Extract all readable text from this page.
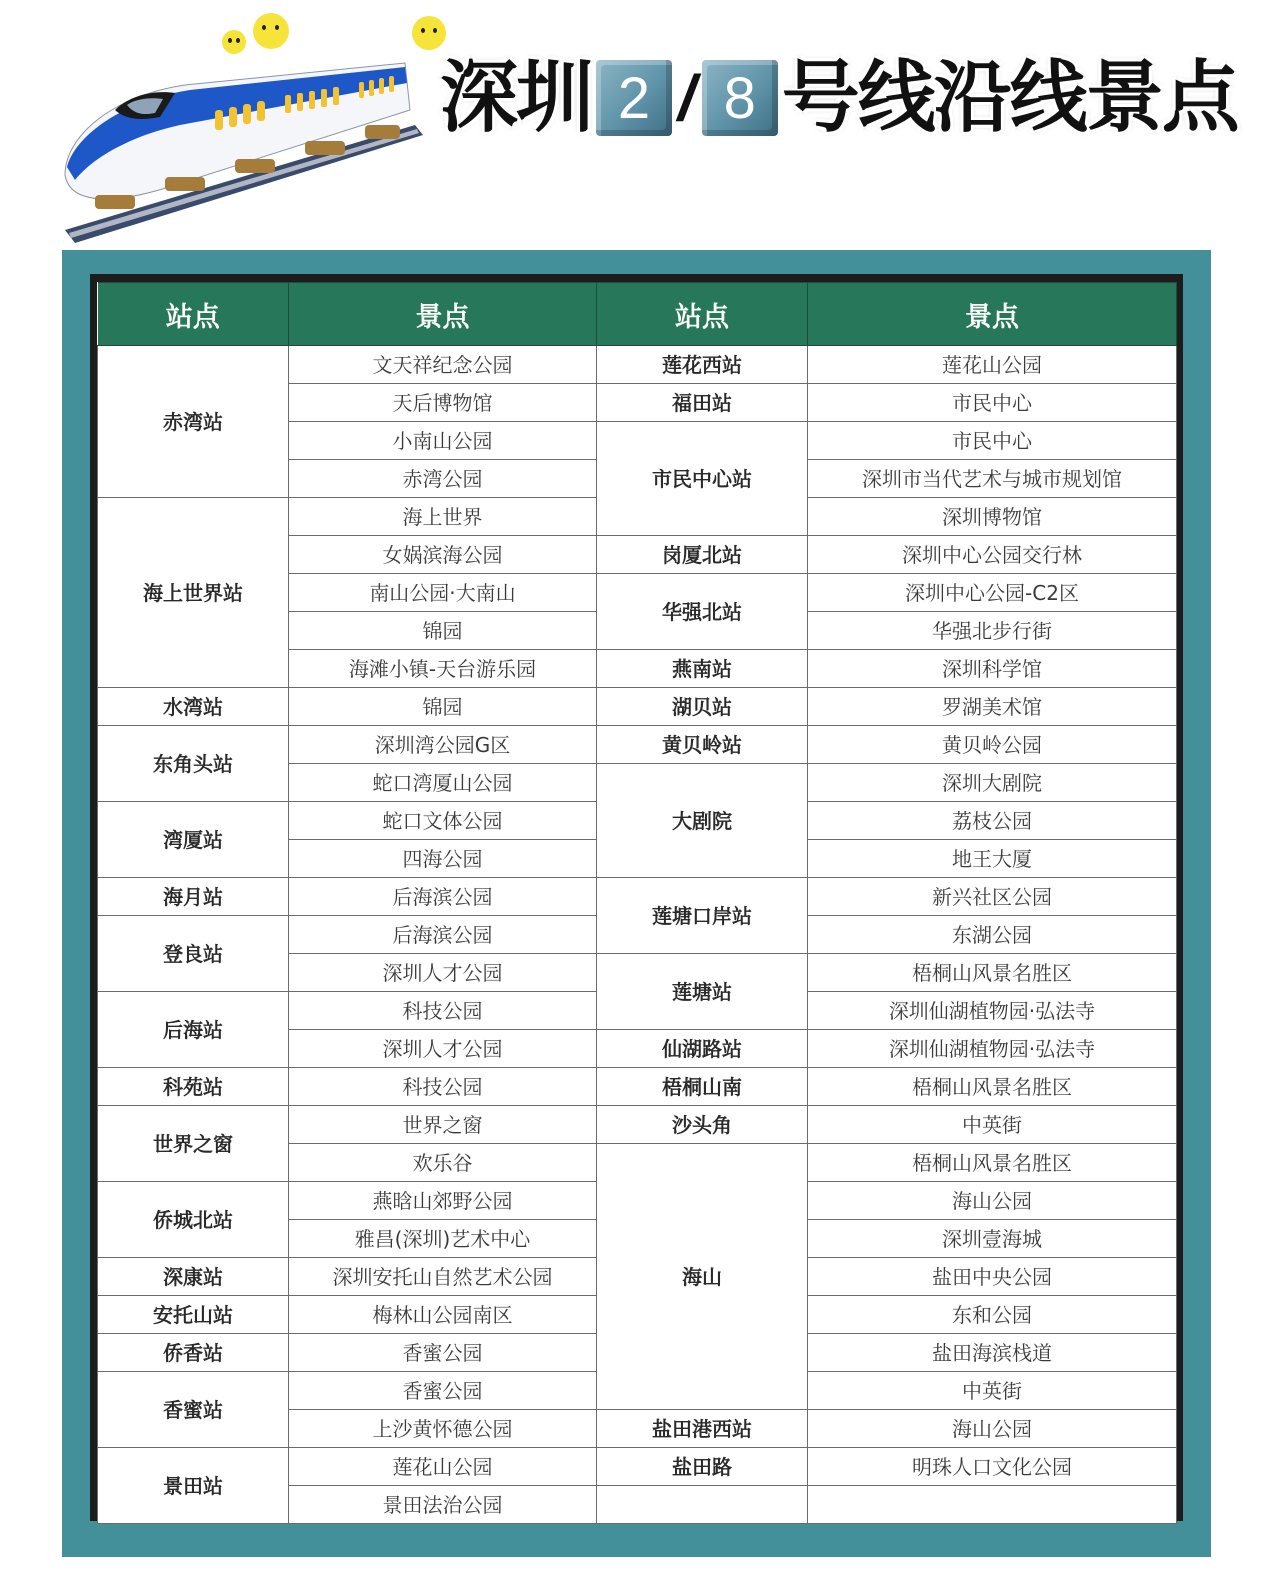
深圳 2 / 8 号线沿线景点
站点	景点	站点	景点
赤湾站	文天祥纪念公园	莲花西站	莲花山公园
	天后博物馆	福田站	市民中心
	小南山公园	市民中心站	市民中心
	赤湾公园		深圳市当代艺术与城市规划馆
海上世界站	海上世界		深圳博物馆
	女娲滨海公园	岗厦北站	深圳中心公园交行林
	南山公园·大南山	华强北站	深圳中心公园-C2区
	锦园		华强北步行街
	海滩小镇-天台游乐园	燕南站	深圳科学馆
水湾站	锦园	湖贝站	罗湖美术馆
东角头站	深圳湾公园G区	黄贝岭站	黄贝岭公园
	蛇口湾厦山公园	大剧院	深圳大剧院
湾厦站	蛇口文体公园		荔枝公园
	四海公园		地王大厦
海月站	后海滨公园	莲塘口岸站	新兴社区公园
登良站	后海滨公园		东湖公园
	深圳人才公园	莲塘站	梧桐山风景名胜区
后海站	科技公园		深圳仙湖植物园·弘法寺
	深圳人才公园	仙湖路站	深圳仙湖植物园·弘法寺
科苑站	科技公园	梧桐山南	梧桐山风景名胜区
世界之窗	世界之窗	沙头角	中英街
	欢乐谷	海山	梧桐山风景名胜区
侨城北站	燕晗山郊野公园		海山公园
	雅昌(深圳)艺术中心		深圳壹海城
深康站	深圳安托山自然艺术公园		盐田中央公园
安托山站	梅林山公园南区		东和公园
侨香站	香蜜公园		盐田海滨栈道
香蜜站	香蜜公园		中英街
	上沙黄怀德公园	盐田港西站	海山公园
景田站	莲花山公园	盐田路	明珠人口文化公园
	景田法治公园		
